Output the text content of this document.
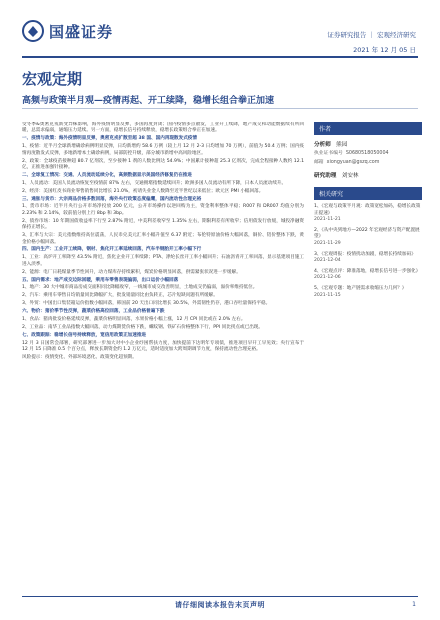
国盛证券	证券研究报告 ｜ 宏观经济研究
2021 年 12 月 05 日
宏观定期
高频与政策半月观—疫情再起、开工续降，稳增长组合拳正加速

受冬季&奥密克戎新变异株影响，海外疫情明显反弹，多国再度封闭；国内疫情多点散发，工业开工续降，地产成交和动能数据续有所回暖，总需求偏弱，通缩压力延续。另一方面，稳增长信号持续释放，稳增长政策组合拳正在加速。

一、疫情与政策：海外疫情明显反弹，奥密克戎扩散至超 38 国、国内再现散发式疫情

1、疫情：近半月全球新增确诊病例明显反弹，日均新增约 58.6 万例（较上月 12 月 2-3 日均增加 70 万例），前值为 50.4 万例；国内疫情再度散发式反弹，多地新增本土确诊病例，局部防控升级，部分城市新增中高风险地区。

2、政策：全球疫苗接种超 80.7 亿剂次，至少接种 1 剂的人数比例达 54.9%；中国累计接种超 25.3 亿剂次，完成全程接种人数约 12.1 亿，正推进加强针接种。

二、全球复工情况：交通、人员流动延续分化，高频数据显示美国经济修复仍在推进

1、人员流动：美国人员流动恢复至疫情前 87% 左右，交通拥堵指数延续回升；欧洲多国人员流动有所下降，日本人员流动续升。

2、经济：美国红皮书商业零售销售同比增长 21.0%，初请失业金人数降至近半世纪以来低位；欧元区 PMI 小幅回落。

三、通胀与货币：大宗商品价格多数回落，海外央行政策态度偏鹰，国内流动性合理充裕

1、货币市场：近半月央行公开市场净投放 200 亿元，公开市场操作以逆回购为主，资金利率整体平稳；R007 和 DR007 均值分别为 2.23% 和 2.14%，较前值分别上行 8bp 和 3bp。

2、债券市场：10 年期国债收益率下行至 2.87% 附近，中美利差收窄至 1.35% 左右，期限利差有所收窄；信用债发行放缓，城投净融资保持正增长。

3、汇率与大宗：美元指数维持高位震荡，人民币兑美元汇率小幅升值至 6.37 附近；布伦特原油价格大幅回落，铜价、铝价整体下跌，黄金价格小幅回落。

四、国内生产：工业开工续降，钢材、焦化开工率延续回落，汽车半钢胎开工率小幅下行

1、工业：高炉开工率降至 43.5% 附近，焦化企业开工率续降；PTA、涤纶长丝开工率小幅回升；石油沥青开工率回落，显示基建项目施工进入淡季。

2、能源：电厂日耗煤量季节性回升，动力煤库存持续累积，煤炭价格明显回落，供需紧张状况进一步缓解。

五、国内需求：地产成交边际回暖，乘用车零售表现偏弱，出口运价小幅回落

1、地产：30 大中城市商品房成交面积同比降幅收窄，一线城市成交改善明显，土地成交仍偏弱，溢价率维持低位。

2、汽车：乘用车零售日均销量同比降幅扩大，批发销量同比由负转正，芯片短缺问题有所缓解。

3、外贸：中国出口集装箱运价指数小幅回落，韩国前 20 天出口同比增长 30.5%，外需韧性仍存，港口吞吐量保持平稳。

六、物价：猪价季节性反弹，蔬菜价格高位回落，工业品价格普遍下跌

1、食品：猪肉批发价格延续反弹，蔬菜价格明显回落，水果价格小幅上涨，12 月 CPI 同比或在 2.0% 左右。

2、工业品：南华工业品指数大幅回落，动力煤期货价格下跌，螺纹钢、铁矿石价格整体下行，PPI 同比拐点或已出现。

七、政策跟踪：稳增长信号持续释放，宽信用政策正加速推进

12 月 3 日国常会部署，研究部署进一步加大对中小企业纾困帮扶力度，加快提前下达明年专项债，推进项目早开工早见效；央行宣布于 12 月 15 日降准 0.5 个百分点，释放长期资金约 1.2 万亿元，适时适度加大跨周期调节力度，保持流动性合理充裕。

风险提示：疫情变化、外部环境恶化、政策变化超预期。

作者
分析师 熊园
执业证书编号 S0680518050004
邮箱 xiongyuan@gszq.com
研究助理 刘安林
相关研究
1、《宏观与政策半月观：政策宽松加码，稳增长政策正提速》
2021-11-21
2、《从中央到地方—2022 年宏观经济与资产配置展望》
2021-11-29
3、《宏观周报：疫情扰动加剧，稳增长持续加码》
2021-12-04
4、《宏观点评：降准落地，稳增长信号进一步强化》
2021-12-06
5、《宏观专题：地产链需求收缩压力几何？》
2021-11-15
请仔细阅读本报告末页声明	1
